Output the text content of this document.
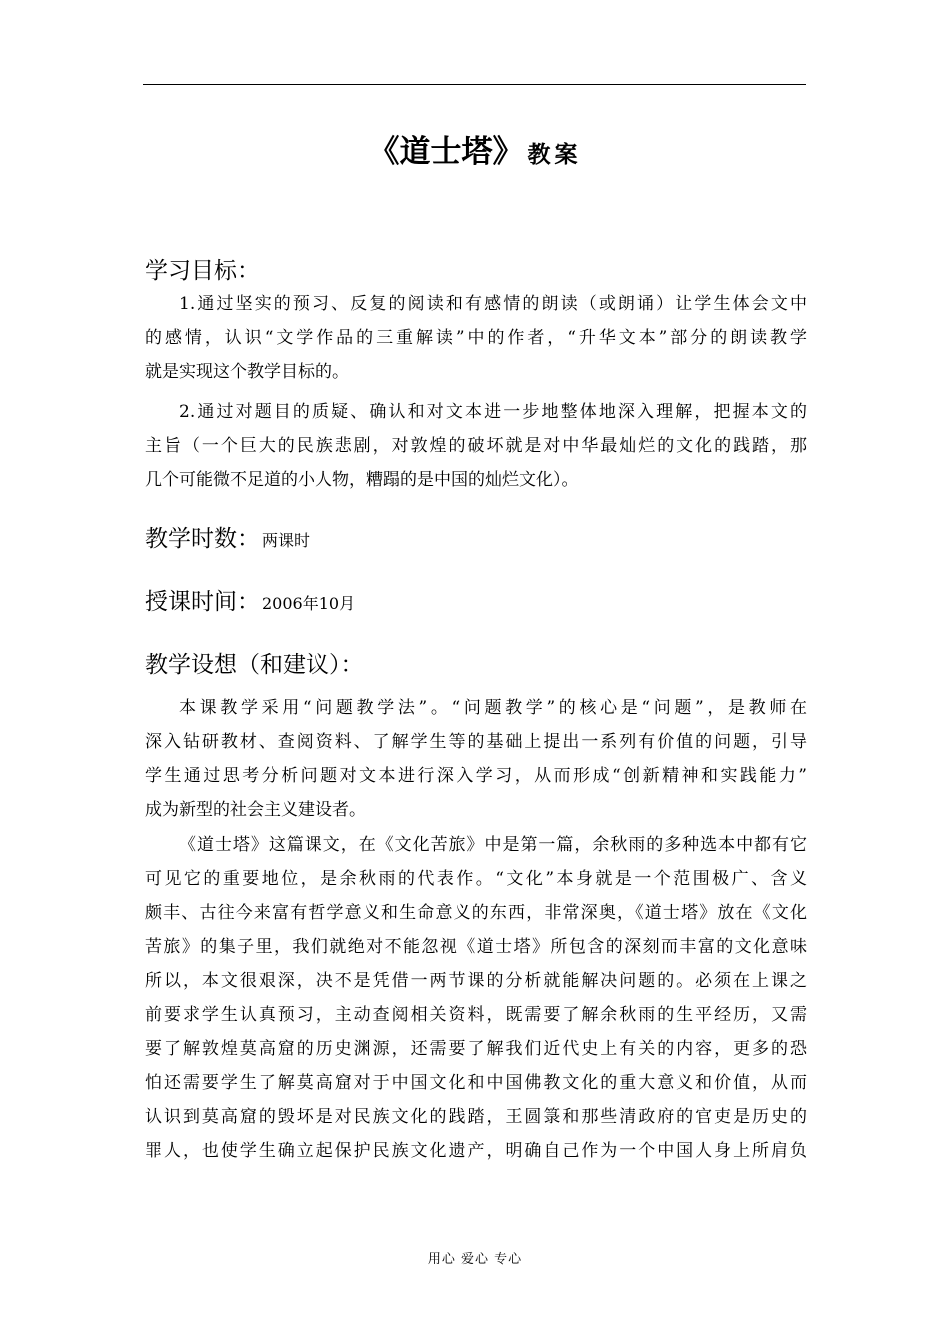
《道士塔》 教案
学习目标：
1.通过坚实的预习、反复的阅读和有感情的朗读（或朗诵）让学生体会文中
的感情，认识“文学作品的三重解读”中的作者，“升华文本”部分的朗读教学
就是实现这个教学目标的。
2.通过对题目的质疑、确认和对文本进一步地整体地深入理解，把握本文的
主旨（一个巨大的民族悲剧，对敦煌的破坏就是对中华最灿烂的文化的践踏，那
几个可能微不足道的小人物，糟蹋的是中国的灿烂文化）。
教学时数： 两课时
授课时间： 2006年10月
教学设想（和建议）：
本课教学采用“问题教学法”。“问题教学”的核心是“问题”，是教师在
深入钻研教材、查阅资料、了解学生等的基础上提出一系列有价值的问题，引导
学生通过思考分析问题对文本进行深入学习，从而形成“创新精神和实践能力”
成为新型的社会主义建设者。
《道士塔》这篇课文，在《文化苦旅》中是第一篇，余秋雨的多种选本中都有它
可见它的重要地位，是余秋雨的代表作。“文化”本身就是一个范围极广、含义
颇丰、古往今来富有哲学意义和生命意义的东西，非常深奥，《道士塔》放在《文化
苦旅》的集子里，我们就绝对不能忽视《道士塔》所包含的深刻而丰富的文化意味
所以，本文很艰深，决不是凭借一两节课的分析就能解决问题的。必须在上课之
前要求学生认真预习，主动查阅相关资料，既需要了解余秋雨的生平经历，又需
要了解敦煌莫高窟的历史渊源，还需要了解我们近代史上有关的内容，更多的恐
怕还需要学生了解莫高窟对于中国文化和中国佛教文化的重大意义和价值，从而
认识到莫高窟的毁坏是对民族文化的践踏，王圆箓和那些清政府的官吏是历史的
罪人，也使学生确立起保护民族文化遗产，明确自己作为一个中国人身上所肩负
用心 爱心 专心
